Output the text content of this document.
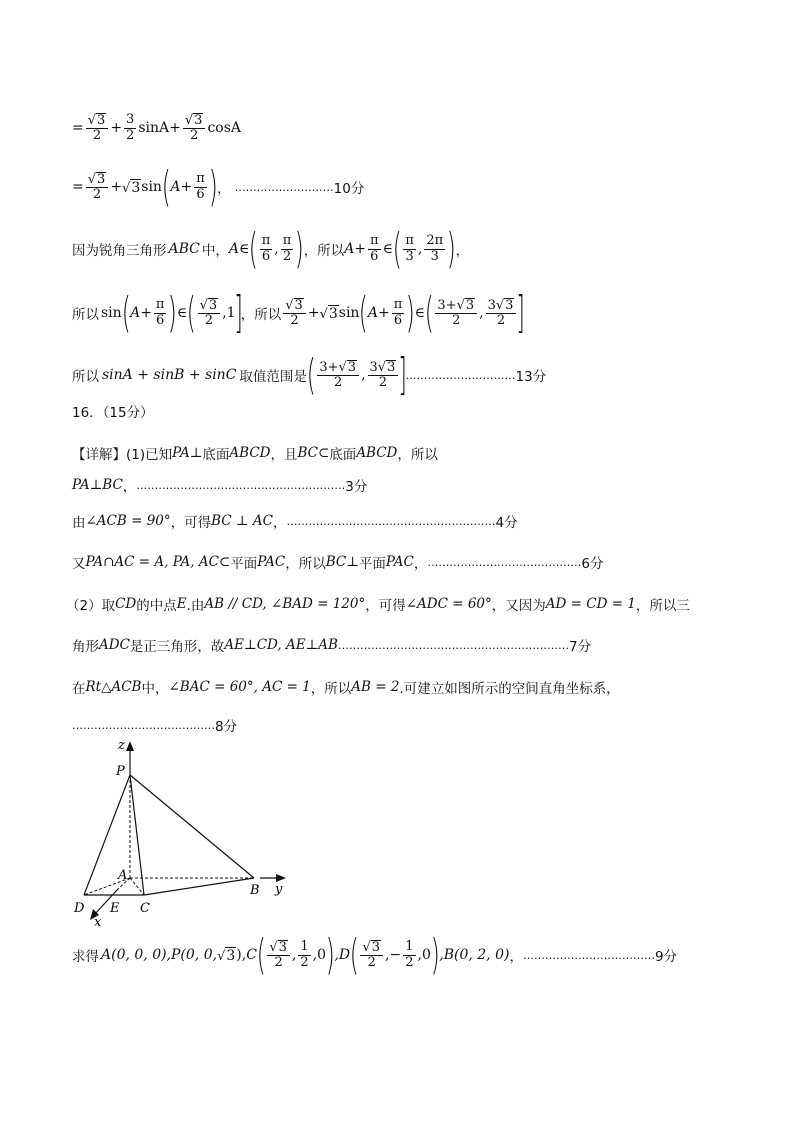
= $\frac{√ 3}{2} + \frac{3}{2}$ $\sin A + \frac{√ 3}{2}$ cosA
= $\frac{√ 3}{2}$ + √ 3 sin ( $A + \frac{\pi}{6}$ ) ， ……………………… 10分
因为锐角三角形 ABC 中， A∈ ( $\frac{\pi}{6}$ , $\frac{\pi}{2}$ ) ，所以 $A+ \frac{\pi}{6}$ ∈ ( $\frac{\pi}{3}$ , $\frac{2\pi}{3}$ ) ，
所以 sin ( $A+ \frac{\pi}{6}$ ) ∈ ( $\frac{√ 3}{2} ,1$
]
，所以 $\frac{√ 3}{2}$ + √ 3 sin ( $A+ \frac{\pi}{6}$ ) ∈ ( $\frac{3+ √ 3}{2}$ , $\frac{3 √ 3}{2}$ ]
所以 sinA + sinB + sinC 取值范围是 ( $\frac{3+ √ 3}{2}$ , $\frac{3 √ 3}{2}$ ]
………………………… 13分
16．（15分）
【详解】(1)已知 PA⊥ 底面 ABCD ，且 BC⊂ 底面 ABCD ，所以
PA⊥BC ， ………………………………………………… 3分
由 ∠ACB = 90° ，可得 BC ⊥ AC ， ………………………………………………… 4分
又 PA∩AC = A, PA, AC⊂ 平面 PAC ，所以 BC⊥ 平面 PAC ， …………………………………… 6分
（2）取 CD 的中点 E .由 AB // CD, ∠BAD = 120° ，可得 ∠ADC = 60° ，又因为 AD = CD = 1 ，所以三
角形 ADC 是正三角形，故 AE⊥CD, AE⊥AB ……………………………………………………… 7分
在 Rt△ACB 中， ∠BAC = 60°, AC = 1 ，所以 AB = 2 .可建立如图所示的空间直角坐标系，
………………………………… 8分
z
P
A
B y
D E C
x
求得 A(0, 0, 0), P(0, 0, √ 3 ), C ( $\frac{√ 3}{2}$ , $\frac{1}{2} ,0$ ) ,D ( $\frac{√ 3}{2}$ ,− $\frac{1}{2} ,0$ ) ,B(0, 2, 0) ， ……………………………… 9分
